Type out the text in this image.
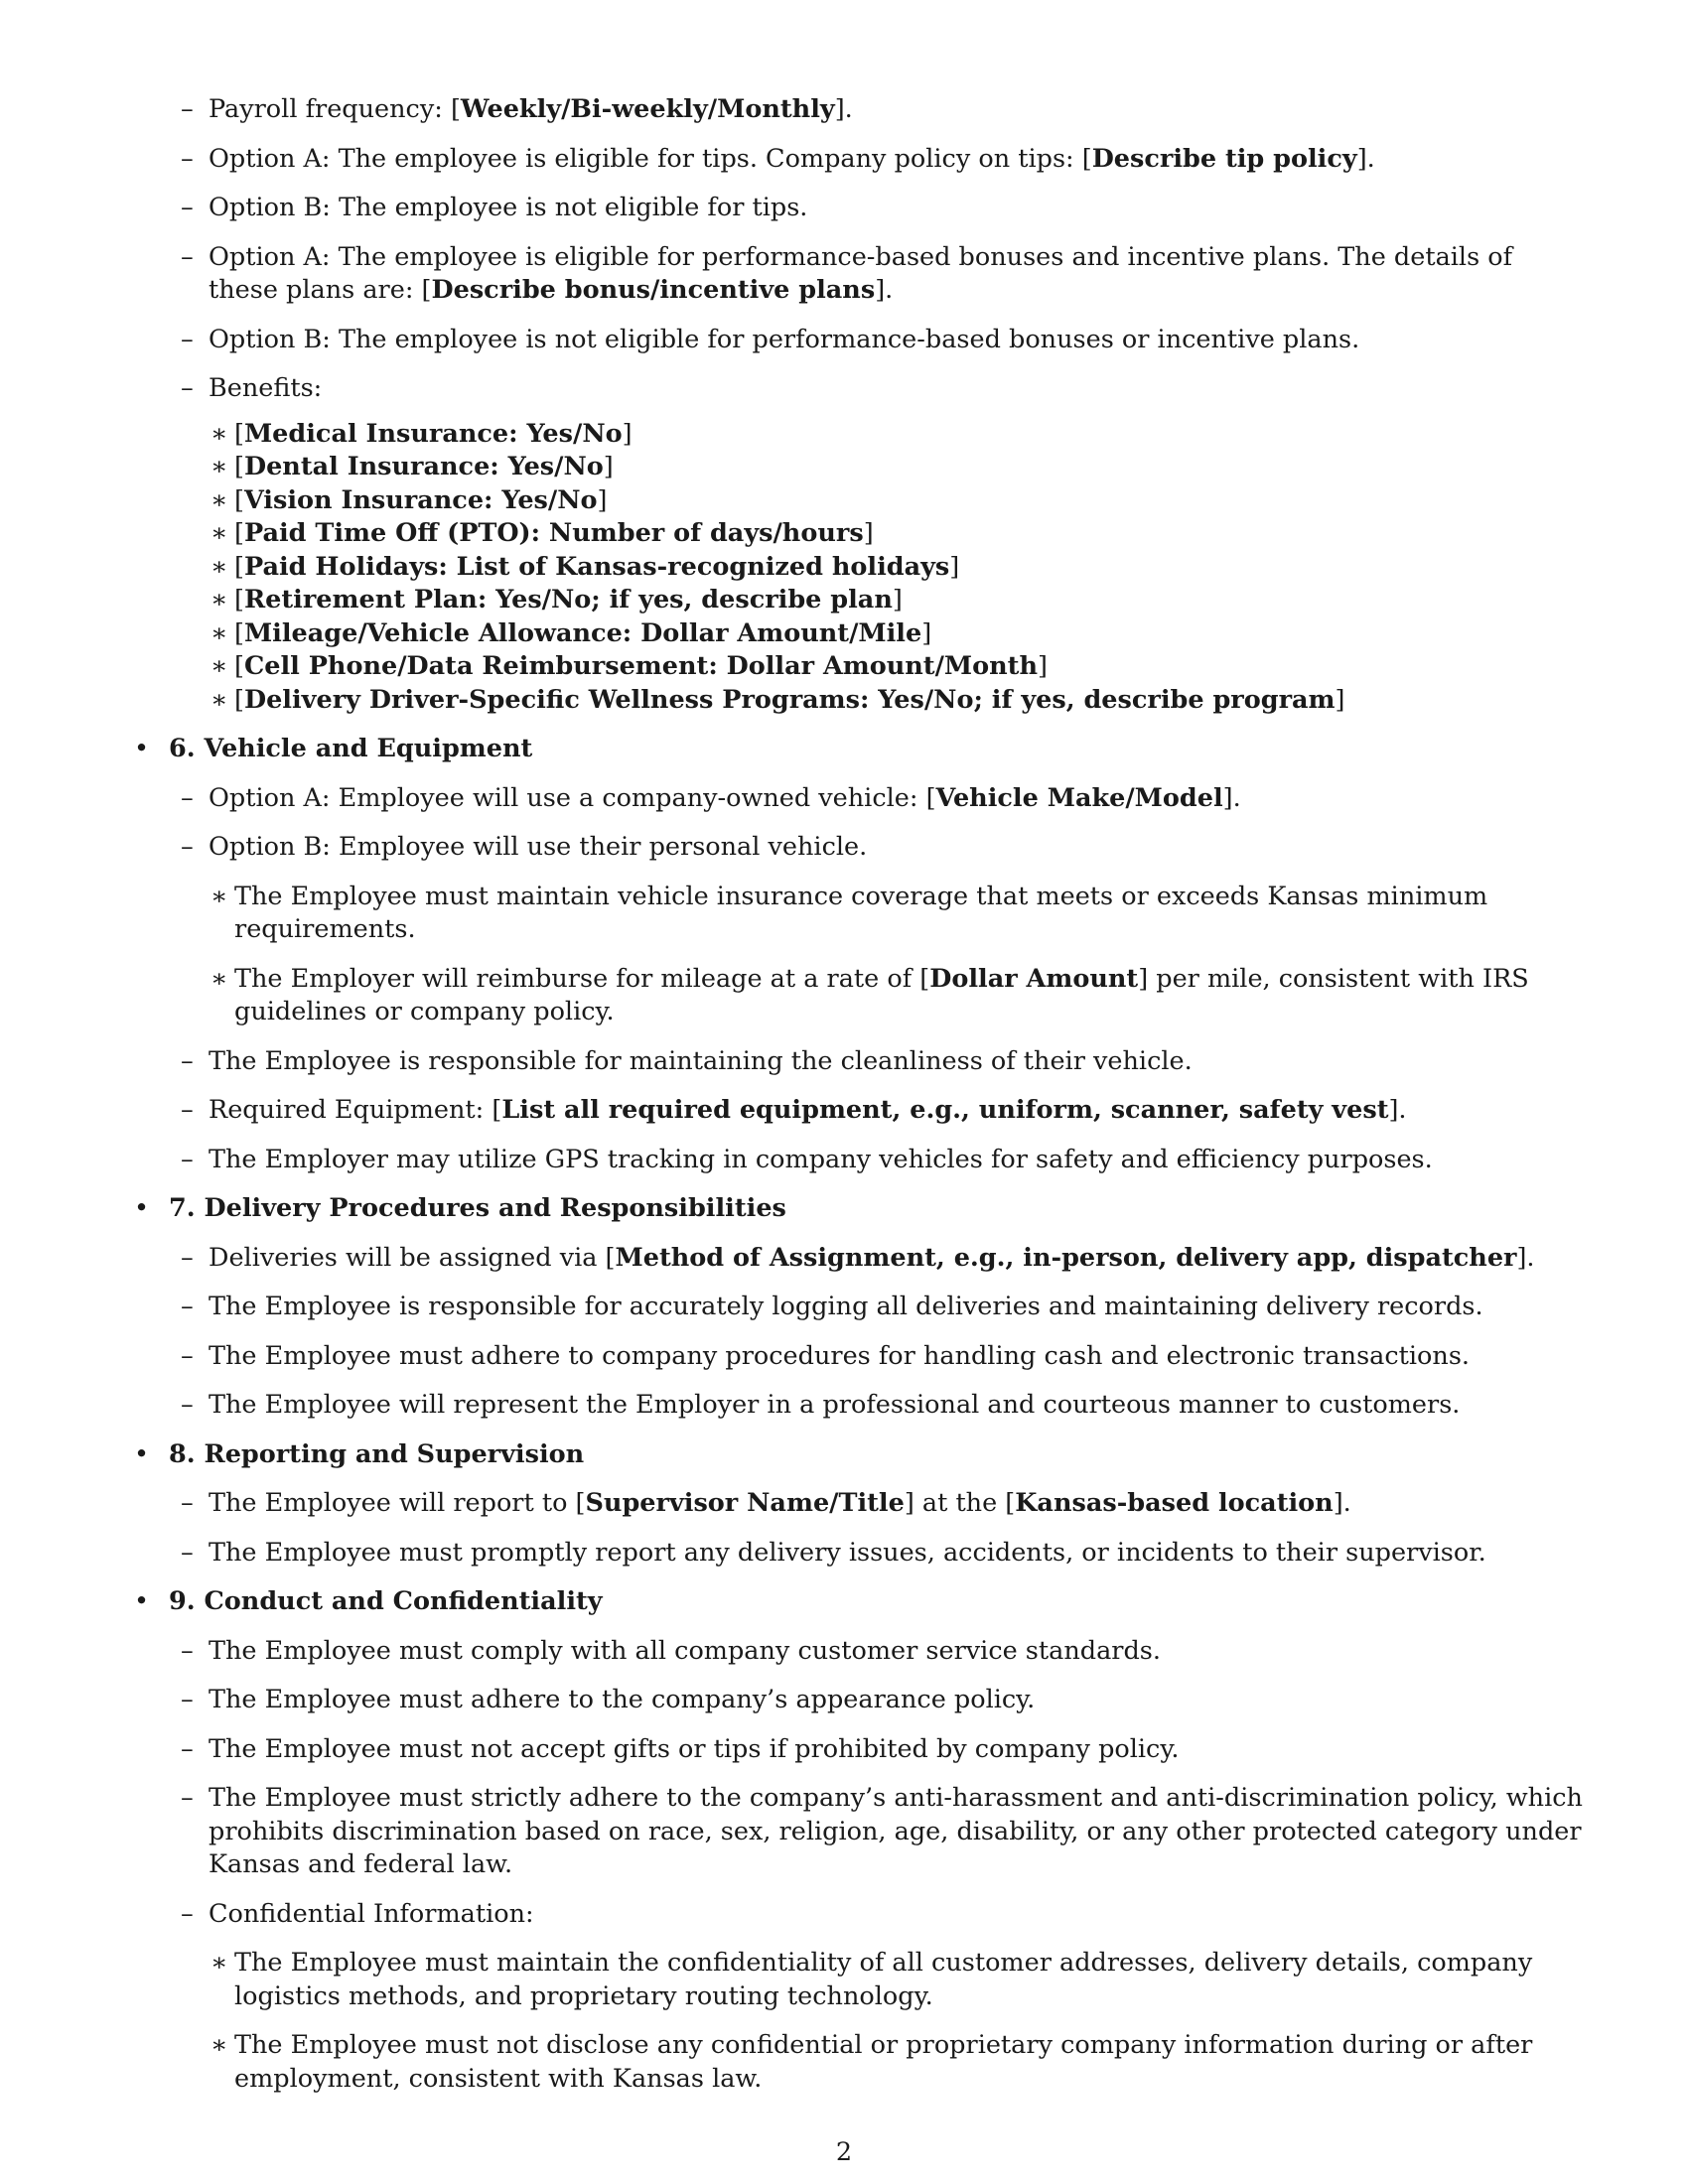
– Payroll frequency: [Weekly/Bi-weekly/Monthly].
– Option A: The employee is eligible for tips. Company policy on tips: [Describe tip policy].
– Option B: The employee is not eligible for tips.
– Option A: The employee is eligible for performance-based bonuses and incentive plans. The details of these plans are: [Describe bonus/incentive plans].
– Option B: The employee is not eligible for performance-based bonuses or incentive plans.
– Benefits:
∗ [Medical Insurance: Yes/No]
∗ [Dental Insurance: Yes/No]
∗ [Vision Insurance: Yes/No]
∗ [Paid Time Off (PTO): Number of days/hours]
∗ [Paid Holidays: List of Kansas-recognized holidays]
∗ [Retirement Plan: Yes/No; if yes, describe plan]
∗ [Mileage/Vehicle Allowance: Dollar Amount/Mile]
∗ [Cell Phone/Data Reimbursement: Dollar Amount/Month]
∗ [Delivery Driver-Specific Wellness Programs: Yes/No; if yes, describe program]
• 6. Vehicle and Equipment
– Option A: Employee will use a company-owned vehicle: [Vehicle Make/Model].
– Option B: Employee will use their personal vehicle.
∗ The Employee must maintain vehicle insurance coverage that meets or exceeds Kansas minimum requirements.
∗ The Employer will reimburse for mileage at a rate of [Dollar Amount] per mile, consistent with IRS guidelines or company policy.
– The Employee is responsible for maintaining the cleanliness of their vehicle.
– Required Equipment: [List all required equipment, e.g., uniform, scanner, safety vest].
– The Employer may utilize GPS tracking in company vehicles for safety and efficiency purposes.
• 7. Delivery Procedures and Responsibilities
– Deliveries will be assigned via [Method of Assignment, e.g., in-person, delivery app, dispatcher].
– The Employee is responsible for accurately logging all deliveries and maintaining delivery records.
– The Employee must adhere to company procedures for handling cash and electronic transactions.
– The Employee will represent the Employer in a professional and courteous manner to customers.
• 8. Reporting and Supervision
– The Employee will report to [Supervisor Name/Title] at the [Kansas-based location].
– The Employee must promptly report any delivery issues, accidents, or incidents to their supervisor.
• 9. Conduct and Confidentiality
– The Employee must comply with all company customer service standards.
– The Employee must adhere to the company’s appearance policy.
– The Employee must not accept gifts or tips if prohibited by company policy.
– The Employee must strictly adhere to the company’s anti-harassment and anti-discrimination policy, which prohibits discrimination based on race, sex, religion, age, disability, or any other protected category under Kansas and federal law.
– Confidential Information:
∗ The Employee must maintain the confidentiality of all customer addresses, delivery details, company logistics methods, and proprietary routing technology.
∗ The Employee must not disclose any confidential or proprietary company information during or after employment, consistent with Kansas law.
2
